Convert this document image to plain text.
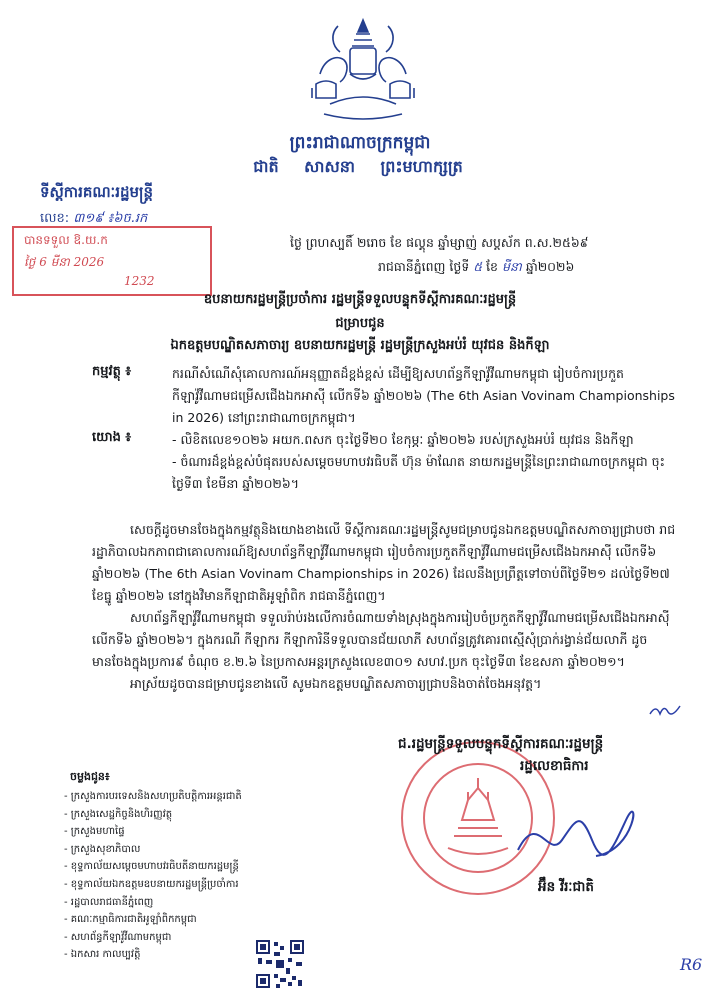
ព្រះរាជាណាចក្រកម្ពុជា
ជាតិ សាសនា ព្រះមហាក្សត្រ
ទីស្តីការគណៈរដ្ឋមន្ត្រី
លេខ: ៣១៩ ៖៦ច.រក
បានទទួល ឱ.យ.ក
ថ្ងៃ 6 មីនា 2026
1232
ថ្ងៃ ព្រហស្បតិ៍ ២រោច ខែ ផល្គុន ឆ្នាំម្សាញ់ សប្តស័ក ព.ស.២៥៦៩
រាជធានីភ្នំពេញ ថ្ងៃទី ៥ ខែ មីនា ឆ្នាំ២០២៦
ឧបនាយករដ្ឋមន្ត្រីប្រចាំការ រដ្ឋមន្ត្រីទទួលបន្ទុកទីស្តីការគណៈរដ្ឋមន្ត្រី
ជម្រាបជូន
ឯកឧត្តមបណ្ឌិតសភាចារ្យ ឧបនាយករដ្ឋមន្ត្រី រដ្ឋមន្ត្រីក្រសួងអប់រំ យុវជន និងកីឡា
កម្មវត្ថុ ៖	ករណីសំណើសុំគោលការណ៍អនុញ្ញាតដ៏ខ្ពង់ខ្ពស់ ដើម្បីឱ្យសហព័ន្ធកីឡាវ៉ូវីណាមកម្ពុជា រៀបចំការប្រកួតកីឡាវ៉ូវីណាមជម្រើសជើងឯកអាស៊ី លើកទី៦ ឆ្នាំ២០២៦ (The 6th Asian Vovinam Championships in 2026) នៅព្រះរាជាណាចក្រកម្ពុជា។

យោង ៖	- លិខិតលេខ១០២៦ អយក.ពសក ចុះថ្ងៃទី២០ ខែកុម្ភៈ ឆ្នាំ២០២៦ របស់ក្រសួងអប់រំ យុវជន និងកីឡា
- ចំណារដ៏ខ្ពង់ខ្ពស់បំផុតរបស់សម្ដេចមហាបវរធិបតី ហ៊ុន ម៉ាណែត នាយករដ្ឋមន្ត្រីនៃព្រះរាជាណាចក្រកម្ពុជា ចុះថ្ងៃទី៣ ខែមីនា ឆ្នាំ២០២៦។

សេចក្តីដូចមានចែងក្នុងកម្មវត្ថុនិងយោងខាងលើ ទីស្តីការគណៈរដ្ឋមន្ត្រីសូមជម្រាបជូនឯកឧត្តមបណ្ឌិតសភាចារ្យជ្រាបថា រាជរដ្ឋាភិបាលឯកភាពជាគោលការណ៍ឱ្យសហព័ន្ធកីឡាវ៉ូវីណាមកម្ពុជា រៀបចំការប្រកួតកីឡាវ៉ូវីណាមជម្រើសជើងឯកអាស៊ី លើកទី៦ ឆ្នាំ២០២៦ (The 6th Asian Vovinam Championships in 2026) ដែលនឹងប្រព្រឹត្តទៅចាប់ពីថ្ងៃទី២១ ដល់ថ្ងៃទី២៧ ខែធ្នូ ឆ្នាំ២០២៦ នៅក្នុងវិមានកីឡាជាតិអូឡាំពិក រាជធានីភ្នំពេញ។

សហព័ន្ធកីឡាវ៉ូវីណាមកម្ពុជា ទទួលរ៉ាប់រងលើការចំណាយទាំងស្រុងក្នុងការរៀបចំប្រកួតកីឡាវ៉ូវីណាមជម្រើសជើងឯកអាស៊ី លើកទី៦ ឆ្នាំ២០២៦។ ក្នុងករណី កីឡាករ កីឡាការិនីទទួលបានជ័យលាភី សហព័ន្ធត្រូវគោរពស្មើសុំប្រាក់រង្វាន់ជ័យលាភី ដូចមានចែងក្នុងប្រការ៩ ចំណុច ខ.២.៦ នៃប្រកាសអន្តរក្រសួងលេខ៣០១ សហវ.ប្រក ចុះថ្ងៃទី៣ ខែឧសភា ឆ្នាំ២០២១។

អាស្រ័យដូចបានជម្រាបជូនខាងលើ សូមឯកឧត្តមបណ្ឌិតសភាចារ្យជ្រាបនិងចាត់ចែងអនុវត្ត។

ជ.រដ្ឋមន្ត្រីទទួលបន្ទុកទីស្តីការគណៈរដ្ឋមន្ត្រី
រដ្ឋលេខាធិការ
អ៊ឹន វីរៈជាតិ
ចម្លងជូន៖
- ក្រសួងការបរទេសនិងសហប្រតិបត្តិការអន្តរជាតិ
- ក្រសួងសេដ្ឋកិច្ចនិងហិរញ្ញវត្ថុ
- ក្រសួងមហាផ្ទៃ
- ក្រសួងសុខាភិបាល
- ខុទ្ទកាល័យសម្តេចមហាបវរធិបតីនាយករដ្ឋមន្ត្រី
- ខុទ្ទកាល័យឯកឧត្តមឧបនាយករដ្ឋមន្ត្រីប្រចាំការ
- រដ្ឋបាលរាជធានីភ្នំពេញ
- គណៈកម្មាធិការជាតិអូឡាំពិកកម្ពុជា
- សហព័ន្ធកីឡាវ៉ូវីណាមកម្ពុជា
- ឯកសារ កាលប្បវត្តិ
R6
